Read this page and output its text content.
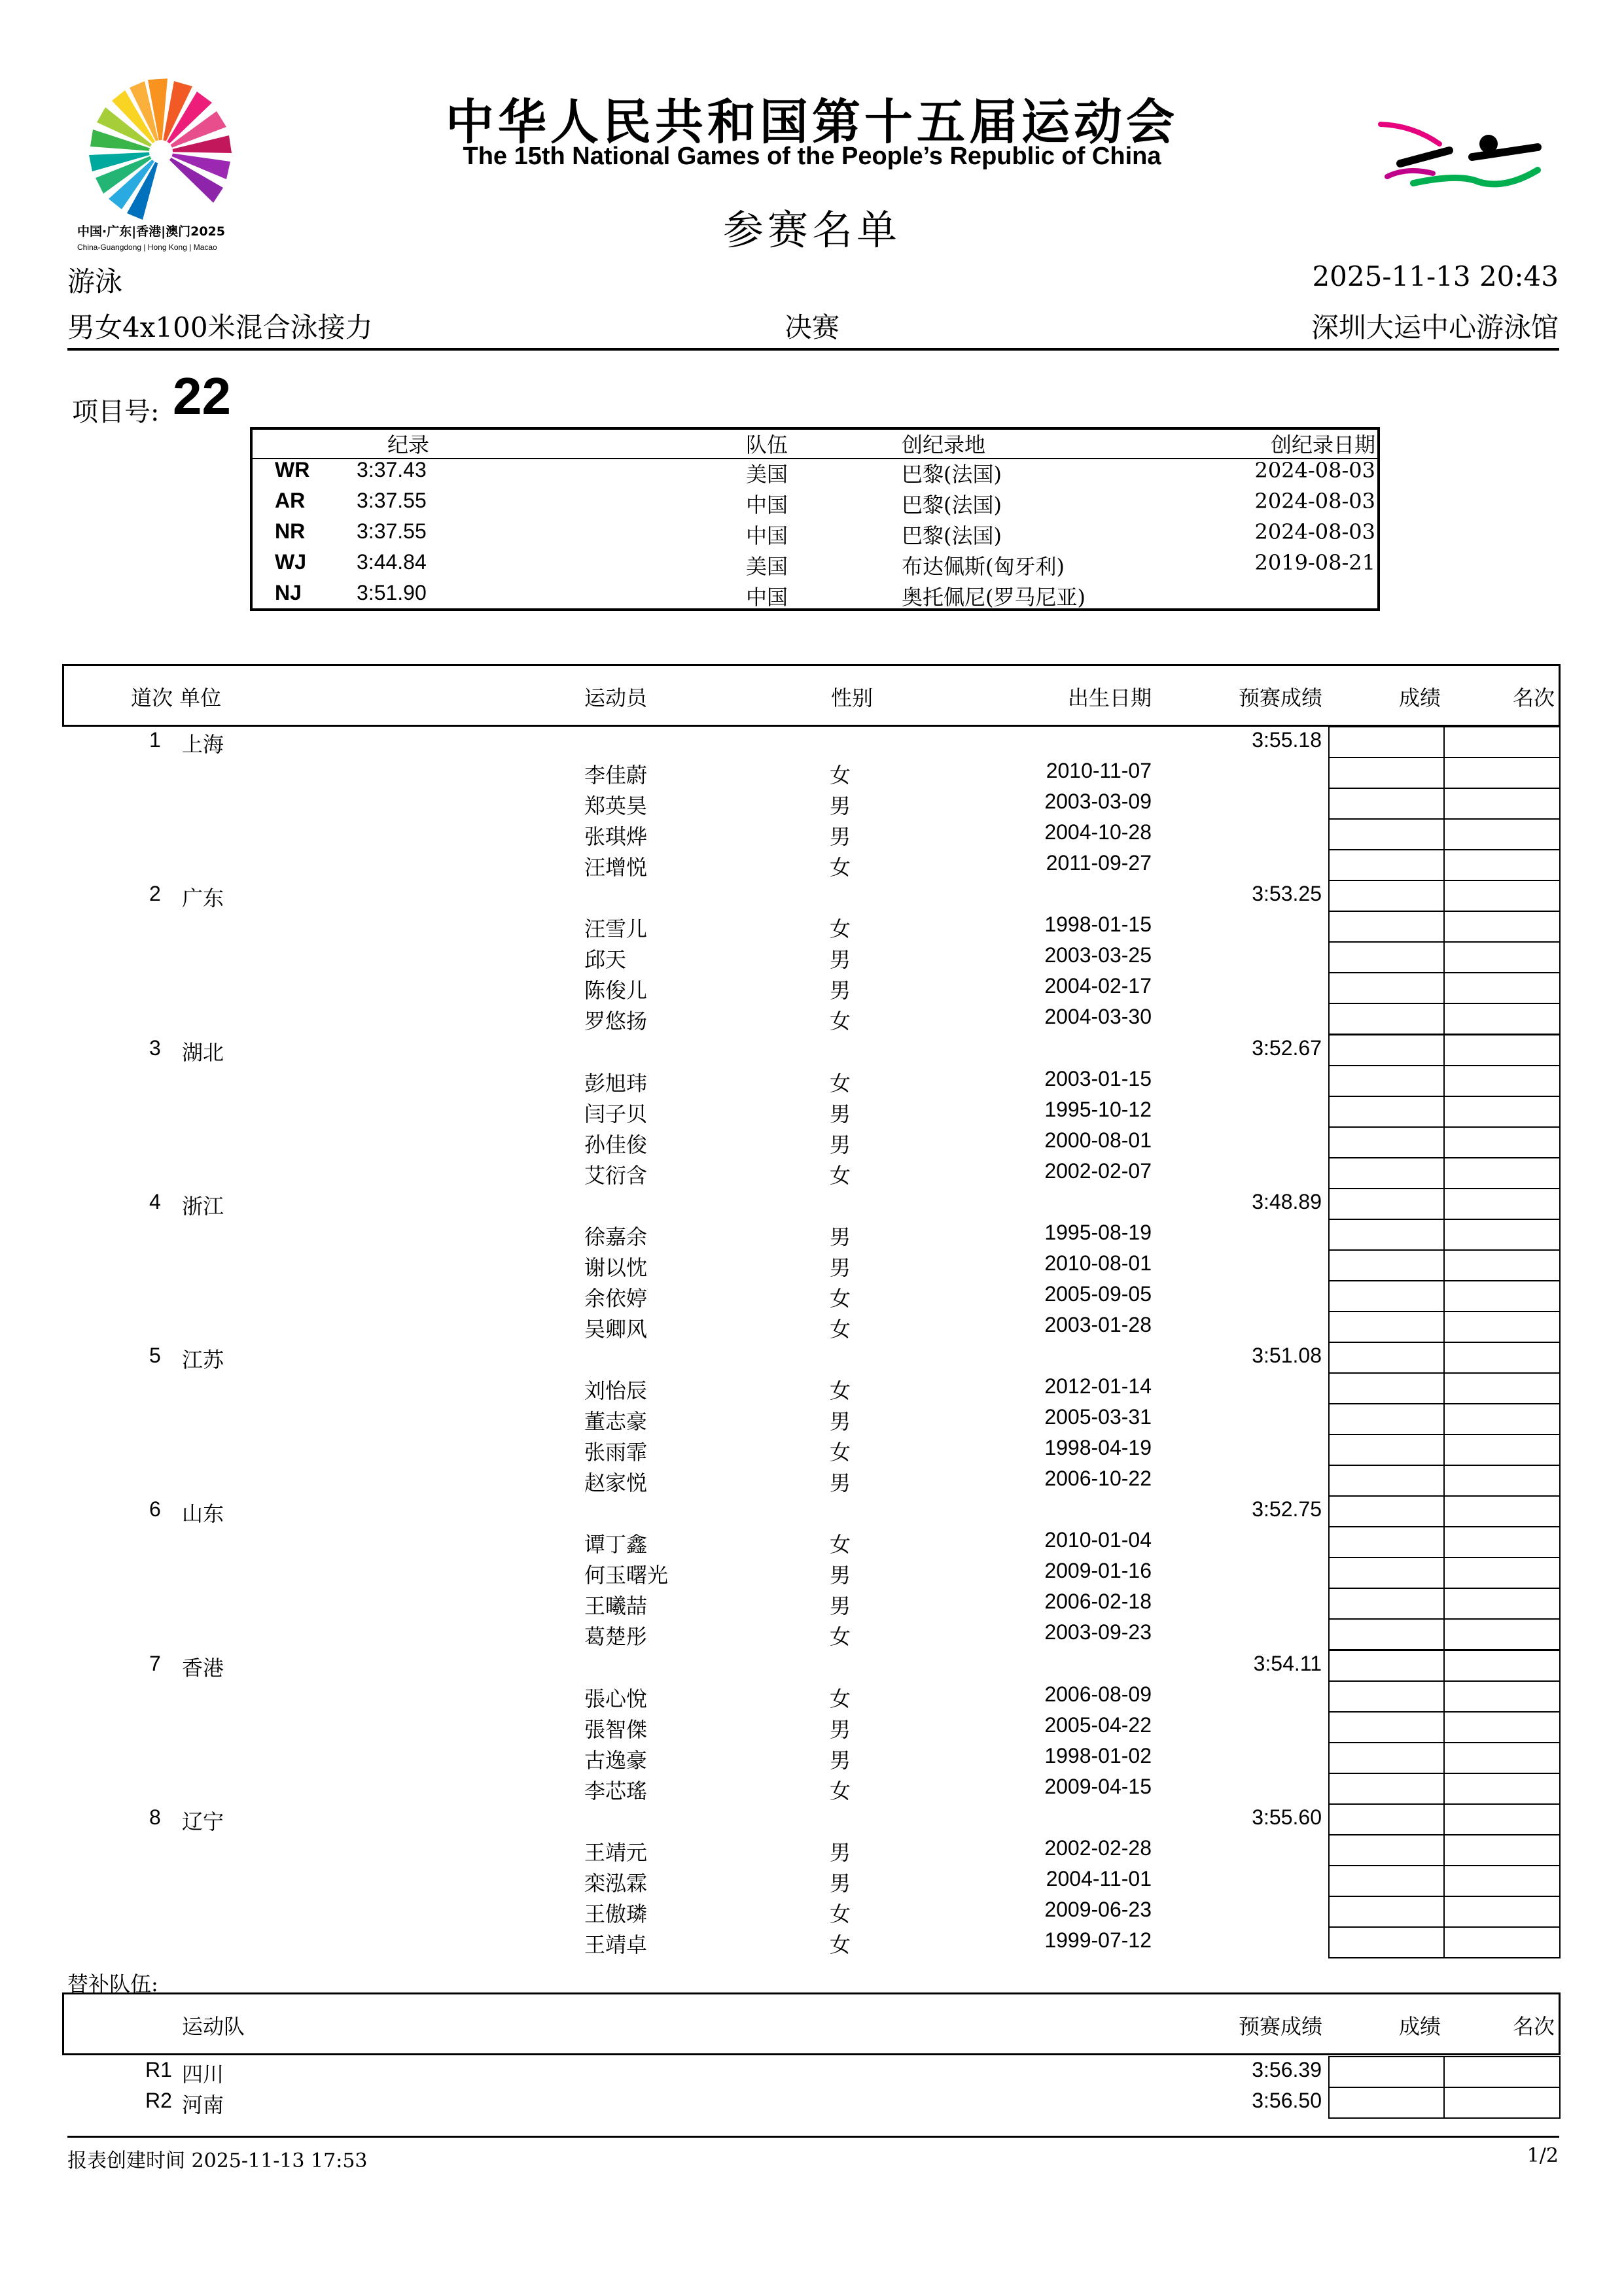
中国·广东|香港|澳门2025
China-Guangdong | Hong Kong | Macao
中华人民共和国第十五届运动会
The 15th National Games of the People’s Republic of China
参赛名单
游泳	2025-11-13 20:43
男女4x100米混合泳接力	决赛	深圳大运中心游泳馆
项目号: 22
纪录	队伍	创纪录地	创纪录日期
WR 3:37.43	美国	巴黎(法国)	2024-08-03
AR 3:37.55	中国	巴黎(法国)	2024-08-03
NR 3:37.55	中国	巴黎(法国)	2024-08-03
WJ 3:44.84	美国	布达佩斯(匈牙利)	2019-08-21
NJ	3:51.90	中国	奥托佩尼(罗马尼亚)
道次 单位	运动员	性别	出生日期	预赛成绩	成绩	名次
1 上海	3:55.18
李佳蔚	女	2010-11-07
郑英昊	男	2003-03-09
张琪烨	男	2004-10-28
汪增悦	女	2011-09-27
2 广东	3:53.25
汪雪儿	女	1998-01-15
邱天	男	2003-03-25
陈俊儿	男	2004-02-17
罗悠扬	女	2004-03-30
3 湖北	3:52.67
彭旭玮	女	2003-01-15
闫子贝	男	1995-10-12
孙佳俊	男	2000-08-01
艾衍含	女	2002-02-07
4 浙江	3:48.89
徐嘉余	男	1995-08-19
谢以忱	男	2010-08-01
余依婷	女	2005-09-05
吴卿风	女	2003-01-28
5 江苏	3:51.08
刘怡辰	女	2012-01-14
董志豪	男	2005-03-31
张雨霏	女	1998-04-19
赵家悦	男	2006-10-22
6 山东	3:52.75
谭丁鑫	女	2010-01-04
何玉曙光	男	2009-01-16
王曦喆	男	2006-02-18
葛楚彤	女	2003-09-23
7 香港	3:54.11
張心悅	女	2006-08-09
張智傑	男	2005-04-22
古逸豪	男	1998-01-02
李芯瑤	女	2009-04-15
8 辽宁	3:55.60
王靖元	男	2002-02-28
栾泓霖	男	2004-11-01
王傲璘	女	2009-06-23
王靖卓	女	1999-07-12
替补队伍:
运动队	预赛成绩	成绩	名次
R1 四川	3:56.39
R2 河南	3:56.50
报表创建时间 2025-11-13 17:53	1/2
